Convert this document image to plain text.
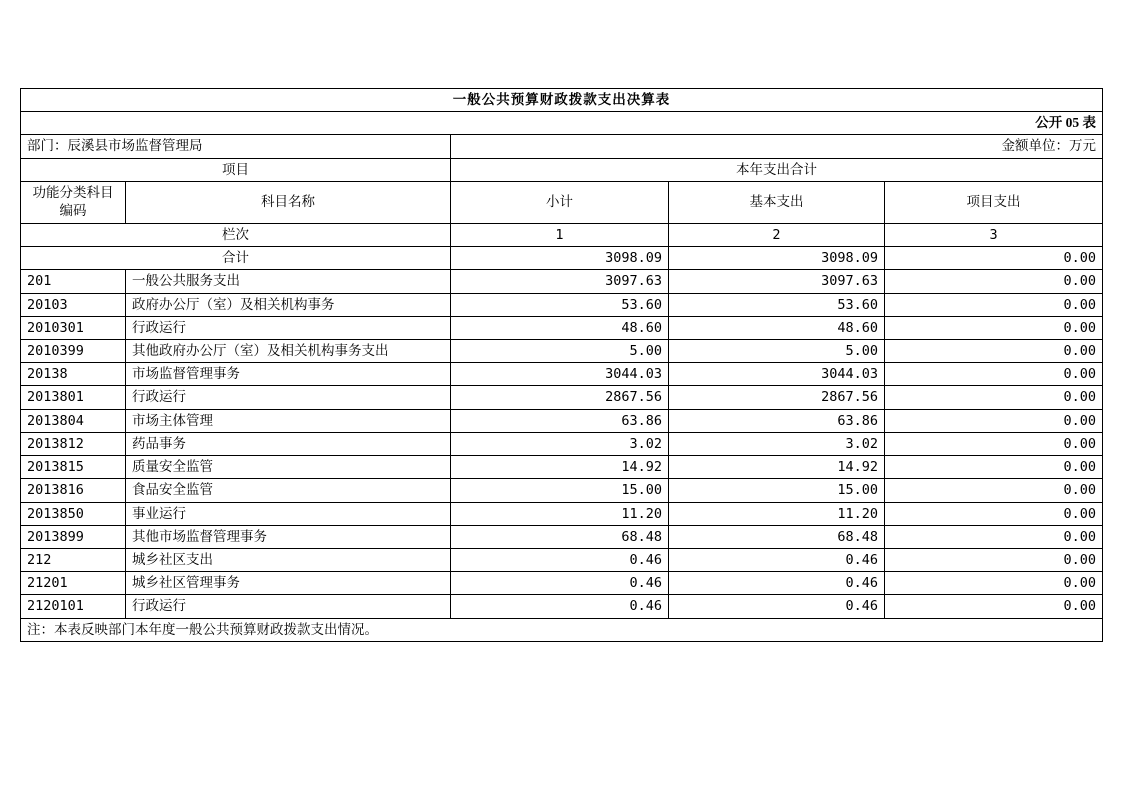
一般公共预算财政拨款支出决算表				
公开 05 表				
部门：辰溪县市场监督管理局		金额单位：万元		
项目		本年支出合计		
功能分类科目编码	科目名称	小计	基本支出	项目支出
栏次		1	2	3
合计		3098.09	3098.09	0.00
201	一般公共服务支出	3097.63	3097.63	0.00
20103	政府办公厅（室）及相关机构事务	53.60	53.60	0.00
2010301	行政运行	48.60	48.60	0.00
2010399	其他政府办公厅（室）及相关机构事务支出	5.00	5.00	0.00
20138	市场监督管理事务	3044.03	3044.03	0.00
2013801	行政运行	2867.56	2867.56	0.00
2013804	市场主体管理	63.86	63.86	0.00
2013812	药品事务	3.02	3.02	0.00
2013815	质量安全监管	14.92	14.92	0.00
2013816	食品安全监管	15.00	15.00	0.00
2013850	事业运行	11.20	11.20	0.00
2013899	其他市场监督管理事务	68.48	68.48	0.00
212	城乡社区支出	0.46	0.46	0.00
21201	城乡社区管理事务	0.46	0.46	0.00
2120101	行政运行	0.46	0.46	0.00
注：本表反映部门本年度一般公共预算财政拨款支出情况。				
